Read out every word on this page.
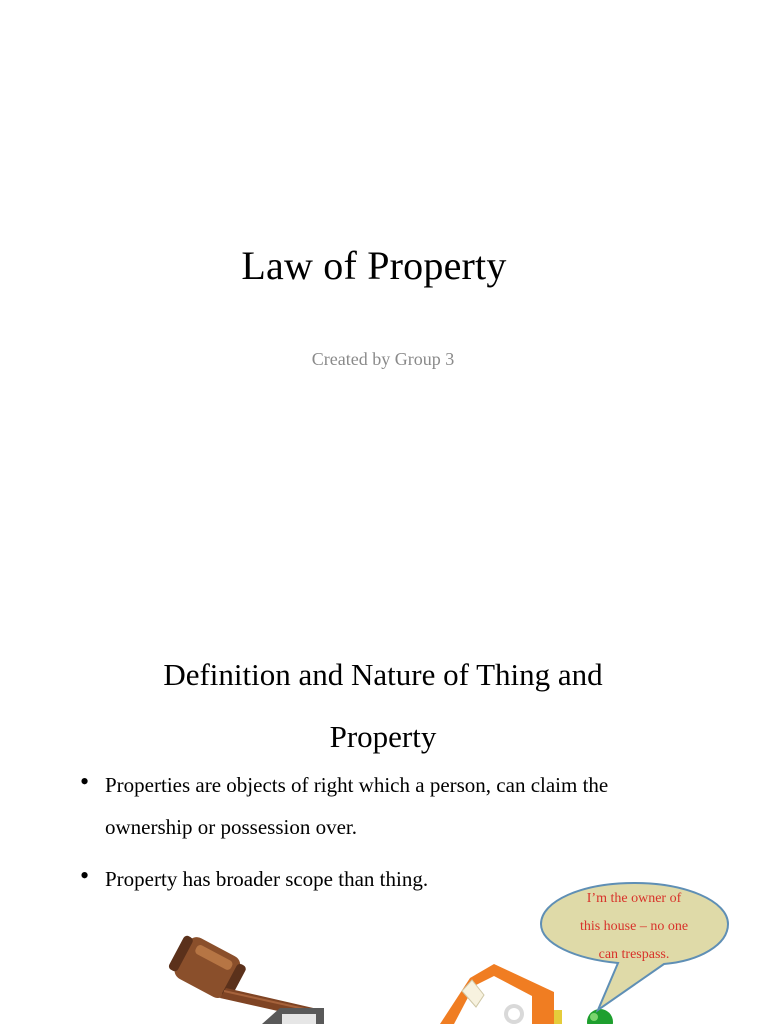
Law of Property
Created by Group 3
Definition and Nature of Thing and
Property
• Properties are objects of right which a person, can claim the
ownership or possession over.
• Property has broader scope than thing.
I’m the owner of
this house – no one
can trespass.
